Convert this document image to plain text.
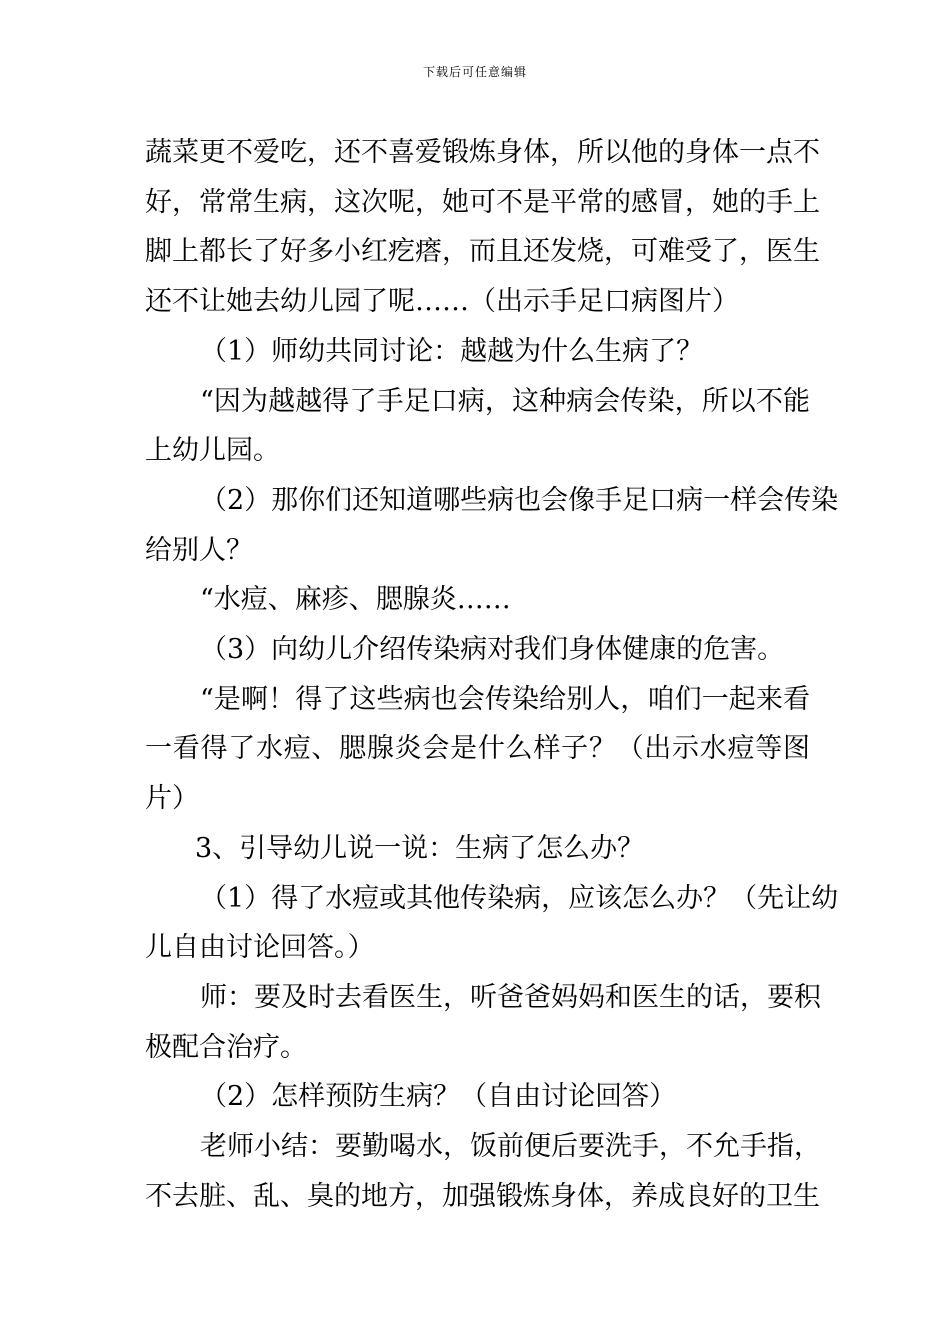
下载后可任意编辑
蔬菜更不爱吃，还不喜爱锻炼身体，所以他的身体一点不
好，常常生病，这次呢，她可不是平常的感冒，她的手上
脚上都长了好多小红疙瘩，而且还发烧，可难受了，医生
还不让她去幼儿园了呢……（出示手足口病图片）
（1）师幼共同讨论：越越为什么生病了？
“因为越越得了手足口病，这种病会传染，所以不能
上幼儿园。
（2）那你们还知道哪些病也会像手足口病一样会传染
给别人？
“水痘、麻疹、腮腺炎……
（3）向幼儿介绍传染病对我们身体健康的危害。
“是啊！得了这些病也会传染给别人，咱们一起来看
一看得了水痘、腮腺炎会是什么样子？（出示水痘等图
片）
3、引导幼儿说一说：生病了怎么办？
（1）得了水痘或其他传染病，应该怎么办？（先让幼
儿自由讨论回答。）
师：要及时去看医生，听爸爸妈妈和医生的话，要积
极配合治疗。
（2）怎样预防生病？（自由讨论回答）
老师小结：要勤喝水，饭前便后要洗手，不允手指，
不去脏、乱、臭的地方，加强锻炼身体，养成良好的卫生
